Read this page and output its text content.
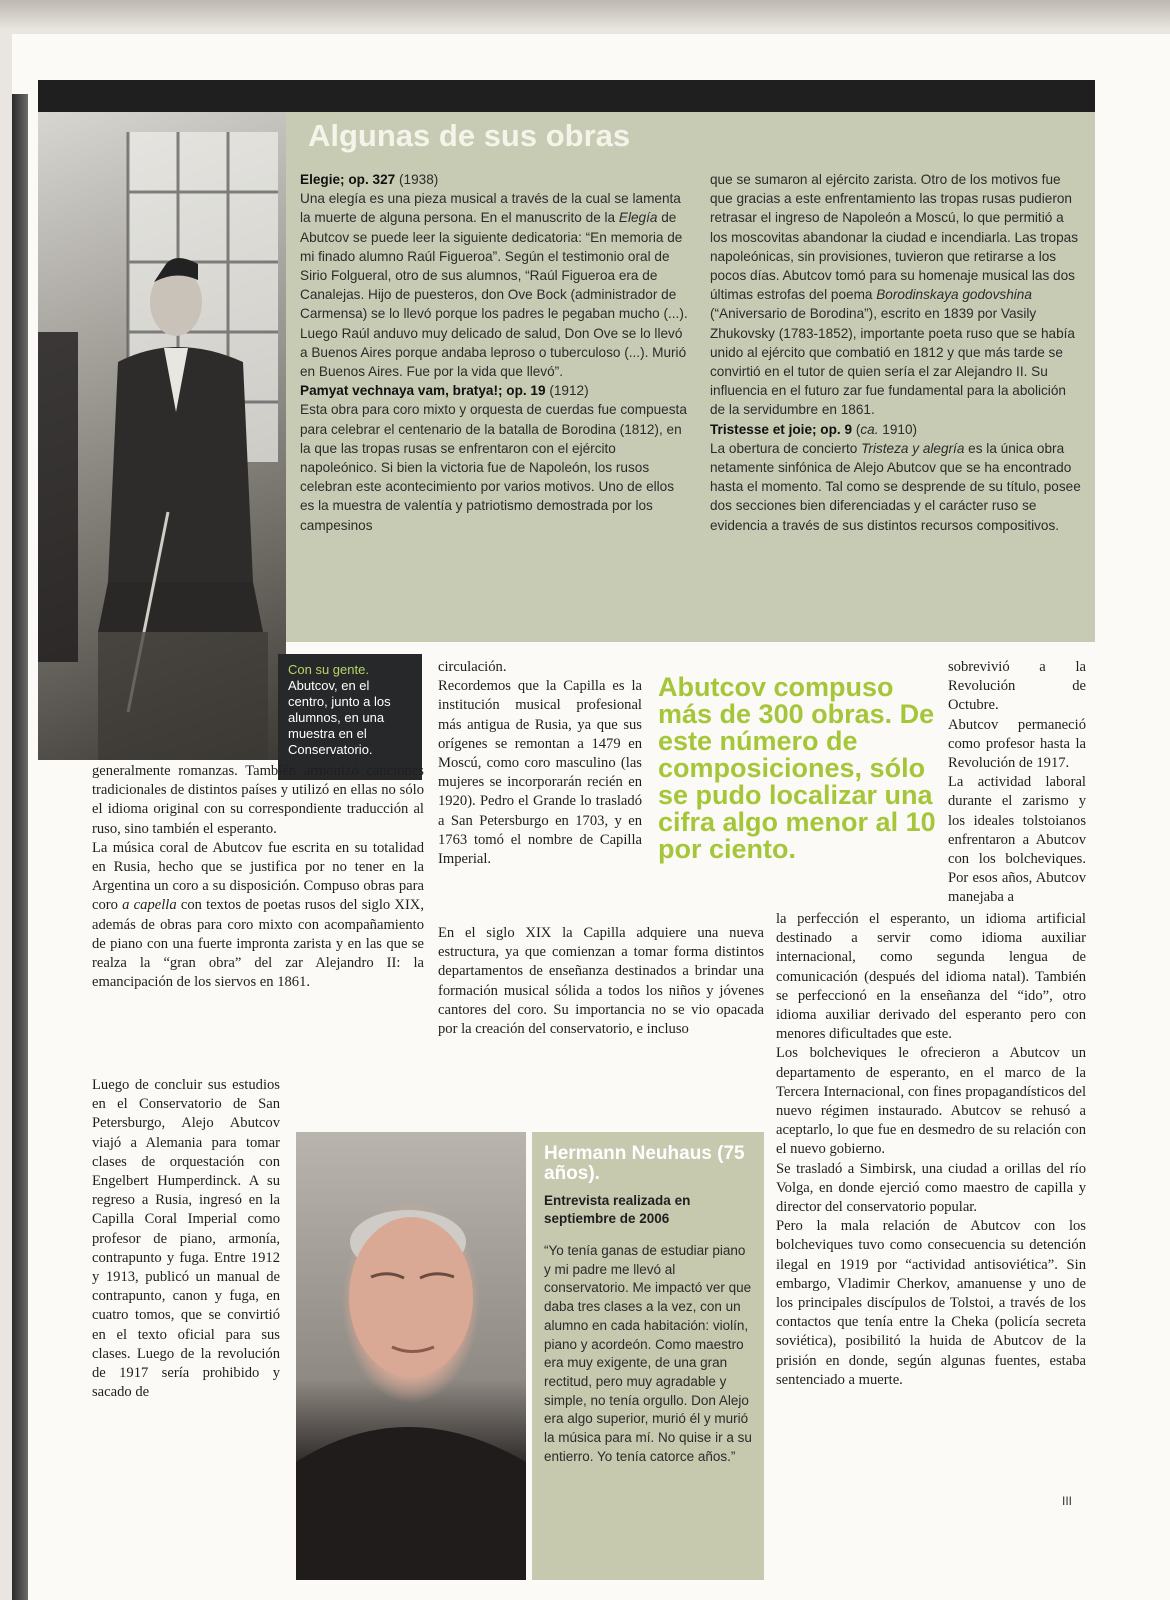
Algunas de sus obras

Elegie; op. 327 (1938)

Una elegía es una pieza musical a través de la cual se lamenta la muerte de alguna persona. En el manuscrito de la Elegía de Abutcov se puede leer la siguiente dedicatoria: “En memoria de mi finado alumno Raúl Figueroa”. Según el testimonio oral de Sirio Folgueral, otro de sus alumnos, “Raúl Figueroa era de Canalejas. Hijo de puesteros, don Ove Bock (administrador de Carmensa) se lo llevó porque los padres le pegaban mucho (...). Luego Raúl anduvo muy delicado de salud, Don Ove se lo llevó a Buenos Aires porque andaba leproso o tuberculoso (...). Murió en Buenos Aires. Fue por la vida que llevó”.

Pamyat vechnaya vam, bratya!; op. 19 (1912)

Esta obra para coro mixto y orquesta de cuerdas fue compuesta para celebrar el centenario de la batalla de Borodina (1812), en la que las tropas rusas se enfrentaron con el ejército napoleónico. Si bien la victoria fue de Napoleón, los rusos celebran este acontecimiento por varios motivos. Uno de ellos es la muestra de valentía y patriotismo demostrada por los campesinos

que se sumaron al ejército zarista. Otro de los motivos fue que gracias a este enfrentamiento las tropas rusas pudieron retrasar el ingreso de Napoleón a Moscú, lo que permitió a los moscovitas abandonar la ciudad e incendiarla. Las tropas napoleónicas, sin provisiones, tuvieron que retirarse a los pocos días. Abutcov tomó para su homenaje musical las dos últimas estrofas del poema Borodinskaya godovshina (“Aniversario de Borodina”), escrito en 1839 por Vasily Zhukovsky (1783-1852), importante poeta ruso que se había unido al ejército que combatió en 1812 y que más tarde se convirtió en el tutor de quien sería el zar Alejandro II. Su influencia en el futuro zar fue fundamental para la abolición de la servidumbre en 1861.

Tristesse et joie; op. 9 (ca. 1910)

La obertura de concierto Tristeza y alegría es la única obra netamente sinfónica de Alejo Abutcov que se ha encontrado hasta el momento. Tal como se desprende de su título, posee dos secciones bien diferenciadas y el carácter ruso se evidencia a través de sus distintos recursos compositivos.

Con su gente. Abutcov, en el centro, junto a los alumnos, en una muestra en el Conservatorio.
Abutcov compuso más de 300 obras. De este número de composiciones, sólo se pudo localizar una cifra algo menor al 10 por ciento.

generalmente romanzas. También armonizó canciones tradicionales de distintos países y utilizó en ellas no sólo el idioma original con su correspondiente traducción al ruso, sino también el esperanto.

La música coral de Abutcov fue escrita en su totalidad en Rusia, hecho que se justifica por no tener en la Argentina un coro a su disposición. Compuso obras para coro a capella con textos de poetas rusos del siglo XIX, además de obras para coro mixto con acompañamiento de piano con una fuerte impronta zarista y en las que se realza la “gran obra” del zar Alejandro II: la emancipación de los siervos en 1861.

Luego de concluir sus estudios en el Conservatorio de San Petersburgo, Alejo Abutcov viajó a Alemania para tomar clases de orquestación con Engelbert Humperdinck. A su regreso a Rusia, ingresó en la Capilla Coral Imperial como profesor de piano, armonía, contrapunto y fuga. Entre 1912 y 1913, publicó un manual de contrapunto, canon y fuga, en cuatro tomos, que se convirtió en el texto oficial para sus clases. Luego de la revolución de 1917 sería prohibido y sacado de

circulación.

Recordemos que la Capilla es la institución musical profesional más antigua de Rusia, ya que sus orígenes se remontan a 1479 en Moscú, como coro masculino (las mujeres se incorporarán recién en 1920). Pedro el Grande lo trasladó a San Petersburgo en 1703, y en 1763 tomó el nombre de Capilla Imperial.

En el siglo XIX la Capilla adquiere una nueva estructura, ya que comienzan a tomar forma distintos departamentos de enseñanza destinados a brindar una formación musical sólida a todos los niños y jóvenes cantores del coro. Su importancia no se vio opacada por la creación del conservatorio, e incluso

sobrevivió a la Revolución de Octubre.

Abutcov permaneció como profesor hasta la Revolución de 1917.

La actividad laboral durante el zarismo y los ideales tolstoianos enfrentaron a Abutcov con los bolcheviques. Por esos años, Abutcov manejaba a

la perfección el esperanto, un idioma artificial destinado a servir como idioma auxiliar internacional, como segunda lengua de comunicación (después del idioma natal). También se perfeccionó en la enseñanza del “ido”, otro idioma auxiliar derivado del esperanto pero con menores dificultades que este.

Los bolcheviques le ofrecieron a Abutcov un departamento de esperanto, en el marco de la Tercera Internacional, con fines propagandísticos del nuevo régimen instaurado. Abutcov se rehusó a aceptarlo, lo que fue en desmedro de su relación con el nuevo gobierno.

Se trasladó a Simbirsk, una ciudad a orillas del río Volga, en donde ejerció como maestro de capilla y director del conservatorio popular.

Pero la mala relación de Abutcov con los bolcheviques tuvo como consecuencia su detención ilegal en 1919 por “actividad antisoviética”. Sin embargo, Vladimir Cherkov, amanuense y uno de los principales discípulos de Tolstoi, a través de los contactos que tenía entre la Cheka (policía secreta soviética), posibilitó la huida de Abutcov de la prisión en donde, según algunas fuentes, estaba sentenciado a muerte.

Hermann Neuhaus (75 años).

Entrevista realizada en septiembre de 2006

“Yo tenía ganas de estudiar piano y mi padre me llevó al conservatorio. Me impactó ver que daba tres clases a la vez, con un alumno en cada habitación: violín, piano y acordeón. Como maestro era muy exigente, de una gran rectitud, pero muy agradable y simple, no tenía orgullo. Don Alejo era algo superior, murió él y murió la música para mí. No quise ir a su entierro. Yo tenía catorce años.”

III
